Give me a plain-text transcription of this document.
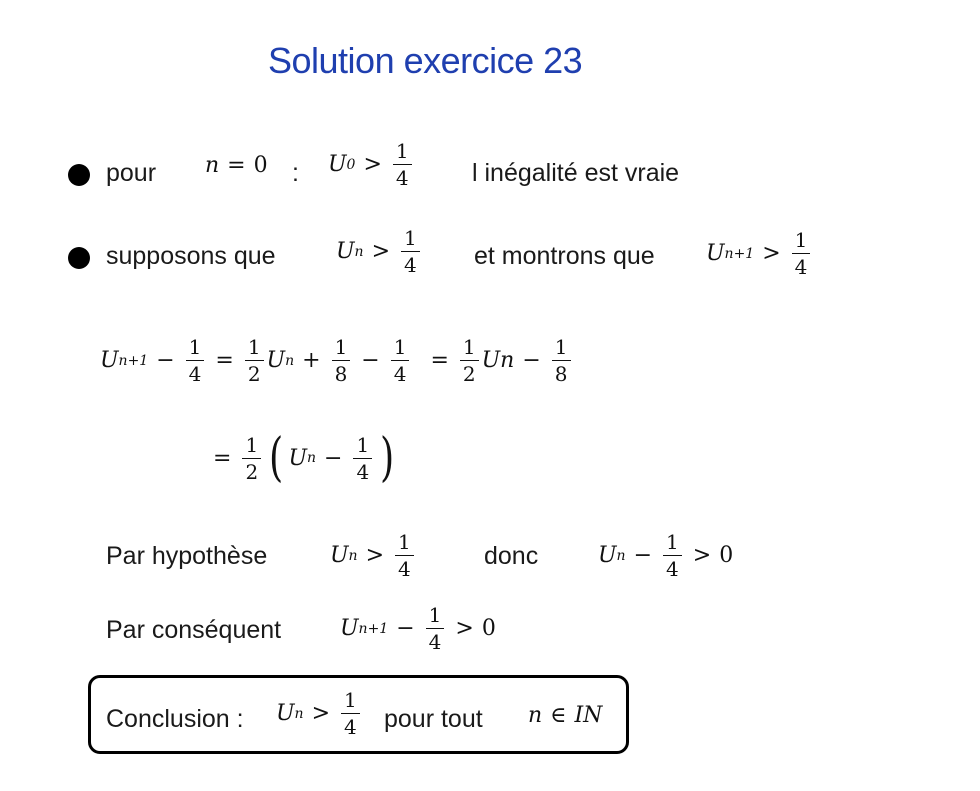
Solution exercice 23
pour n = 0 : U $0 > \frac{1}{4}$ l inégalité est vraie
supposons que	U $n > \frac{1}{4}$ et montrons que U $n+1 > \frac{1}{4}$
U $n+1 - \frac{1}{4} = \frac{1}{2}$ U $n + \frac{1}{8} - \frac{1}{4} = \frac{1}{2}$ $Un - \frac{1}{8}$
= $\frac{1}{2}$ ( U $n - \frac{1}{4}$ )
Par hypothèse	U $n > \frac{1}{4}$	donc	U $n - \frac{1}{4} > 0$
Par conséquent	U $n+1 - \frac{1}{4} > 0$
Conclusion : U $n > \frac{1}{4}$ pour tout n ∈ IN
